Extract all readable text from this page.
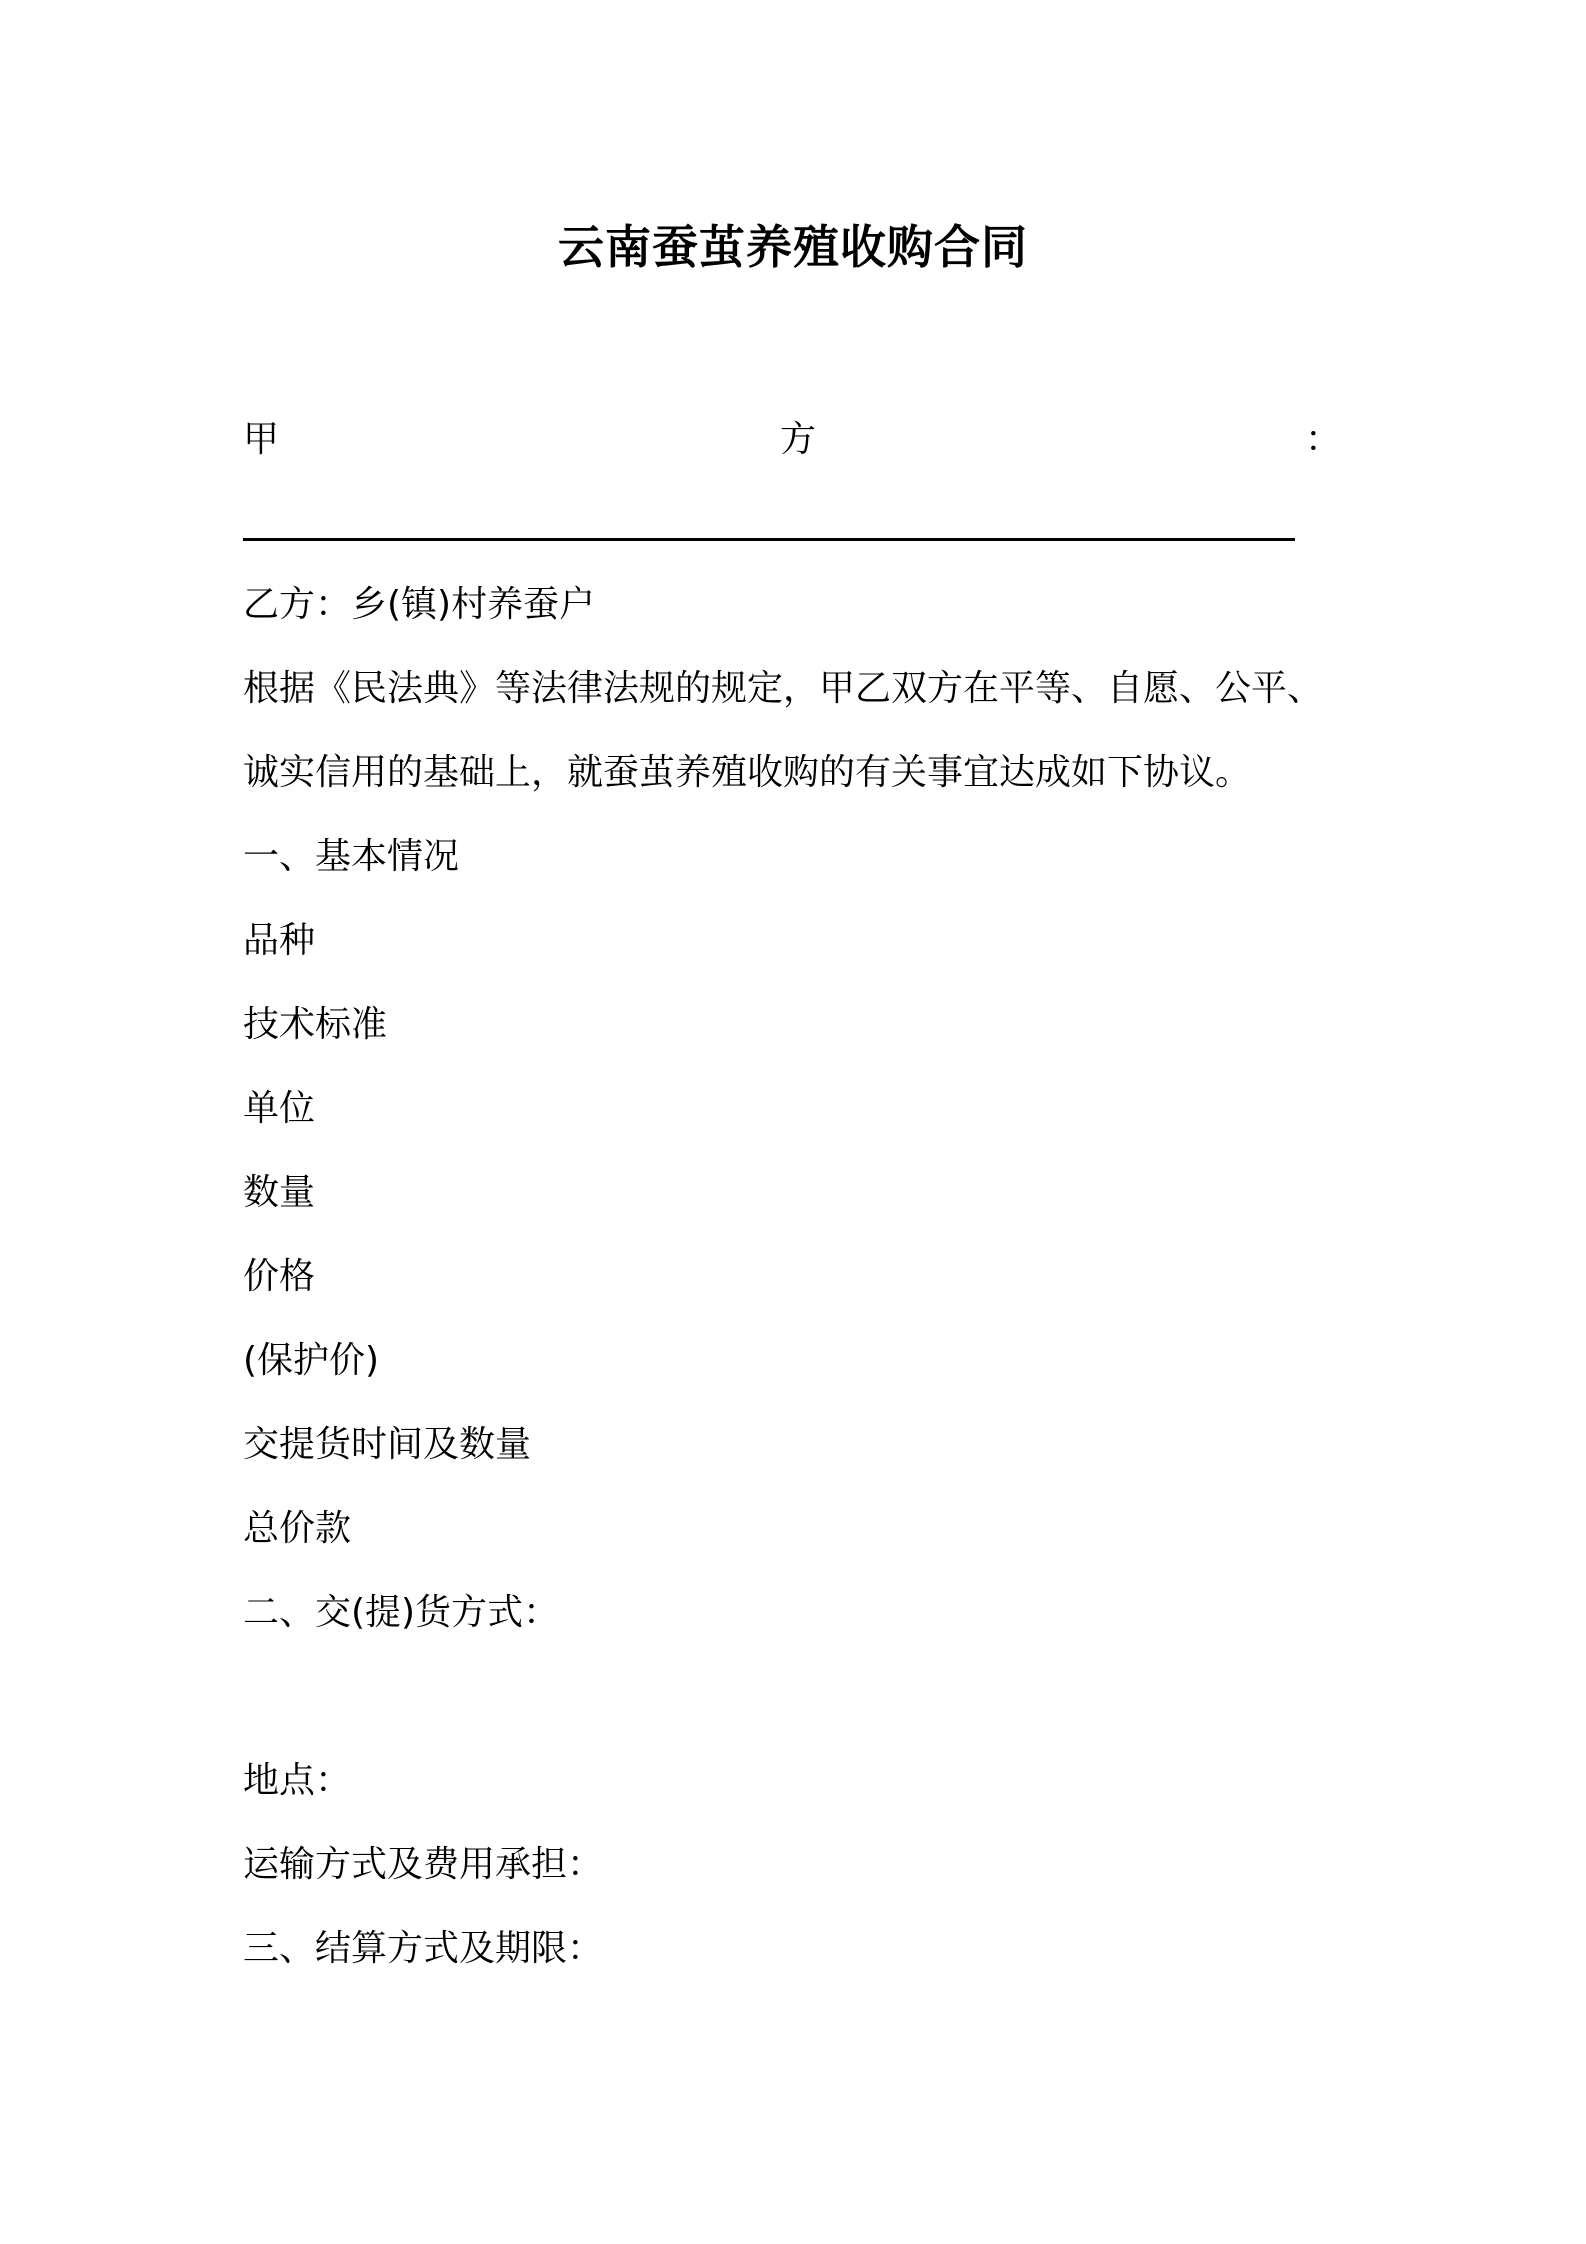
云南蚕茧养殖收购合同
甲	方	：
乙方：乡(镇)村养蚕户
根据《民法典》等法律法规的规定，甲乙双方在平等、自愿、公平、
诚实信用的基础上，就蚕茧养殖收购的有关事宜达成如下协议。
一、基本情况
品种
技术标准
单位
数量
价格
(保护价)
交提货时间及数量
总价款
二、交(提)货方式：
地点：
运输方式及费用承担：
三、结算方式及期限：
